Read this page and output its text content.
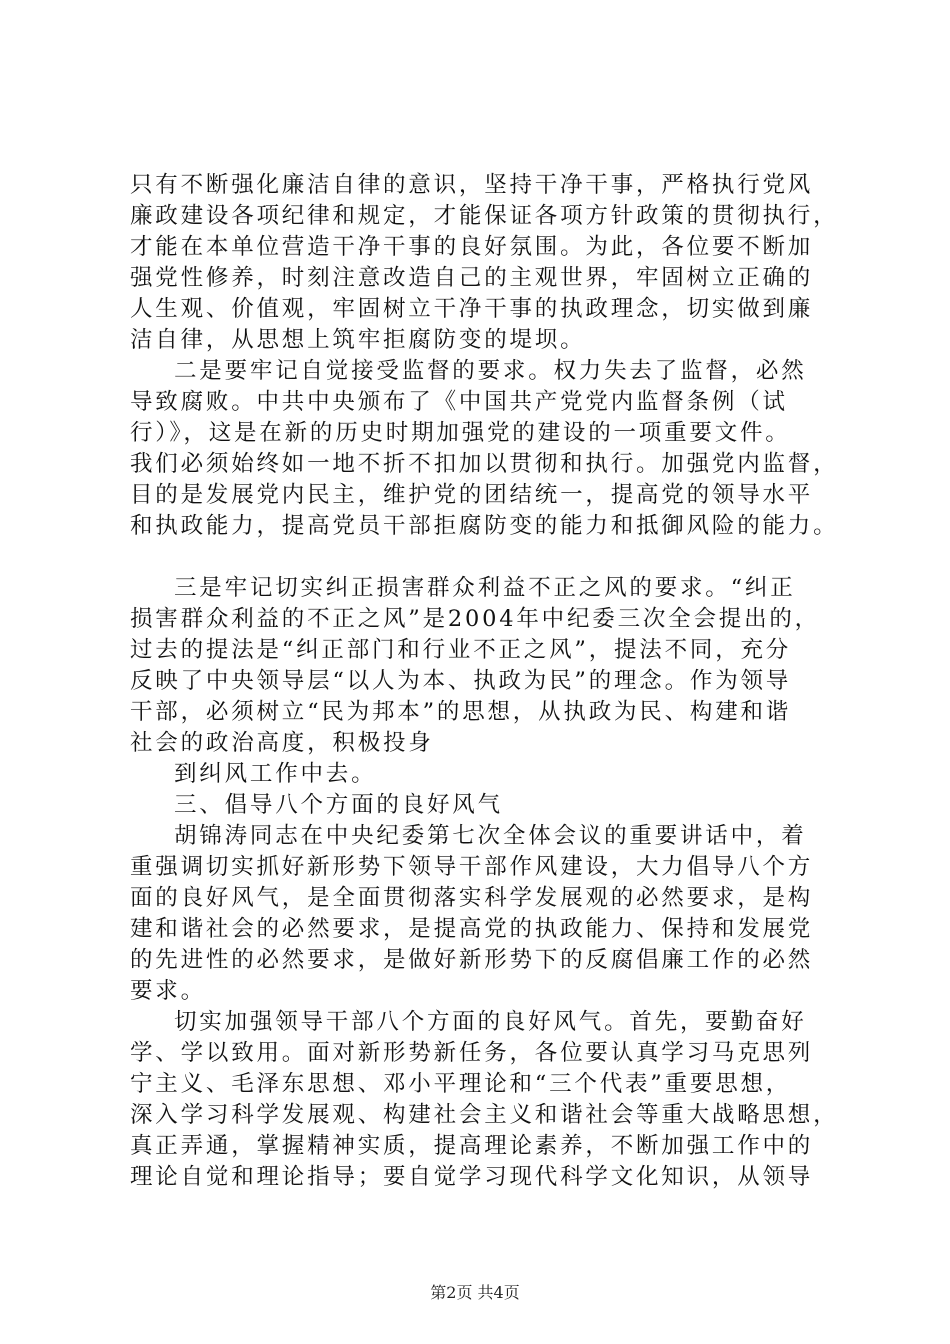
只有不断强化廉洁自律的意识，坚持干净干事，严格执行党风
廉政建设各项纪律和规定，才能保证各项方针政策的贯彻执行，
才能在本单位营造干净干事的良好氛围。为此，各位要不断加
强党性修养，时刻注意改造自己的主观世界，牢固树立正确的
人生观、价值观，牢固树立干净干事的执政理念，切实做到廉
洁自律，从思想上筑牢拒腐防变的堤坝。
二是要牢记自觉接受监督的要求。权力失去了监督，必然
导致腐败。中共中央颁布了《中国共产党党内监督条例（试
行）》，这是在新的历史时期加强党的建设的一项重要文件。
我们必须始终如一地不折不扣加以贯彻和执行。加强党内监督，
目的是发展党内民主，维护党的团结统一，提高党的领导水平
和执政能力，提高党员干部拒腐防变的能力和抵御风险的能力。
三是牢记切实纠正损害群众利益不正之风的要求。“纠正
损害群众利益的不正之风”是2004年中纪委三次全会提出的，
过去的提法是“纠正部门和行业不正之风”，提法不同，充分
反映了中央领导层“以人为本、执政为民”的理念。作为领导
干部，必须树立“民为邦本”的思想，从执政为民、构建和谐
社会的政治高度，积极投身
到纠风工作中去。
三、倡导八个方面的良好风气
胡锦涛同志在中央纪委第七次全体会议的重要讲话中，着
重强调切实抓好新形势下领导干部作风建设，大力倡导八个方
面的良好风气，是全面贯彻落实科学发展观的必然要求，是构
建和谐社会的必然要求，是提高党的执政能力、保持和发展党
的先进性的必然要求，是做好新形势下的反腐倡廉工作的必然
要求。
切实加强领导干部八个方面的良好风气。首先，要勤奋好
学、学以致用。面对新形势新任务，各位要认真学习马克思列
宁主义、毛泽东思想、邓小平理论和“三个代表”重要思想，
深入学习科学发展观、构建社会主义和谐社会等重大战略思想，
真正弄通，掌握精神实质，提高理论素养，不断加强工作中的
理论自觉和理论指导；要自觉学习现代科学文化知识，从领导
第2页 共4页
